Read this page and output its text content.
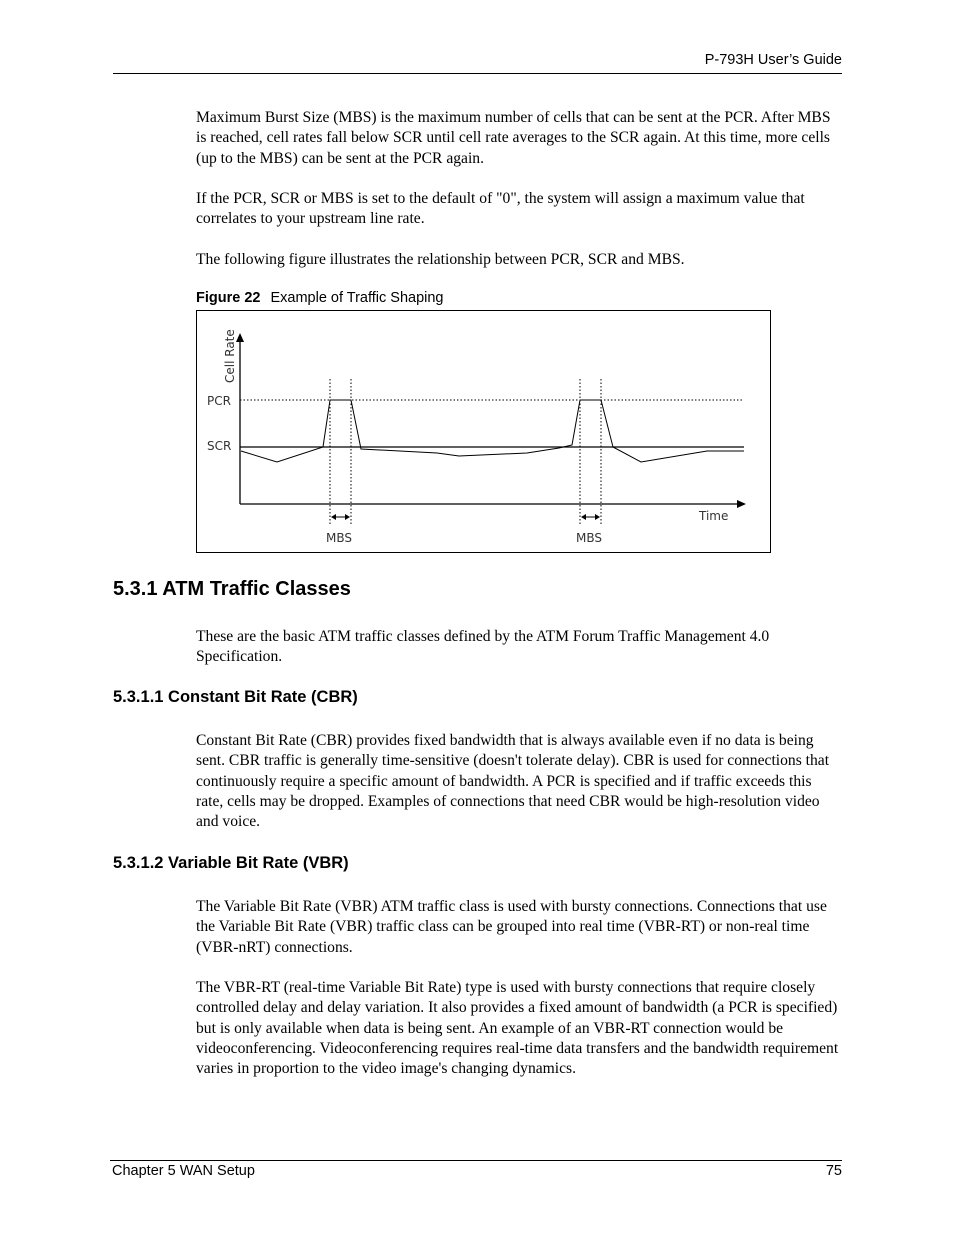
P-793H User’s Guide
Maximum Burst Size (MBS) is the maximum number of cells that can be sent at the PCR. After MBS is reached, cell rates fall below SCR until cell rate averages to the SCR again. At this time, more cells (up to the MBS) can be sent at the PCR again.
If the PCR, SCR or MBS is set to the default of "0", the system will assign a maximum value that correlates to your upstream line rate.
The following figure illustrates the relationship between PCR, SCR and MBS.
Figure 22 Example of Traffic Shaping
Cell Rate
Time
PCR
SCR
MBS	MBS
5.3.1 ATM Traffic Classes
These are the basic ATM traffic classes defined by the ATM Forum Traffic Management 4.0 Specification.
5.3.1.1 Constant Bit Rate (CBR)
Constant Bit Rate (CBR) provides fixed bandwidth that is always available even if no data is being sent. CBR traffic is generally time-sensitive (doesn't tolerate delay). CBR is used for connections that continuously require a specific amount of bandwidth. A PCR is specified and if traffic exceeds this rate, cells may be dropped. Examples of connections that need CBR would be high-resolution video and voice.
5.3.1.2 Variable Bit Rate (VBR)
The Variable Bit Rate (VBR) ATM traffic class is used with bursty connections. Connections that use the Variable Bit Rate (VBR) traffic class can be grouped into real time (VBR-RT) or non-real time (VBR-nRT) connections.
The VBR-RT (real-time Variable Bit Rate) type is used with bursty connections that require closely controlled delay and delay variation. It also provides a fixed amount of bandwidth (a PCR is specified) but is only available when data is being sent. An example of an VBR-RT connection would be videoconferencing. Videoconferencing requires real-time data transfers and the bandwidth requirement varies in proportion to the video image's changing dynamics.
Chapter 5 WAN Setup	75
